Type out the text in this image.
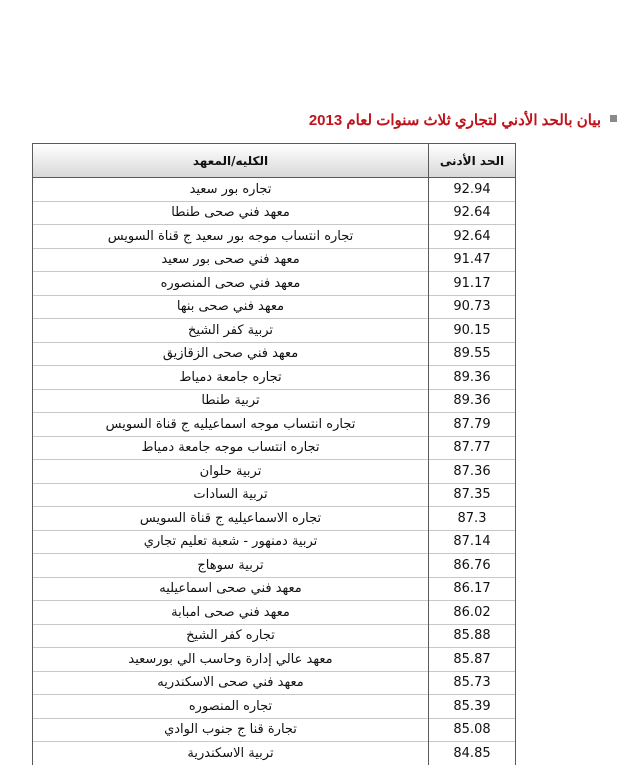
بيان بالحد الأدني لتجاري ثلاث سنوات لعام 2013
الحد الأدنى	الكليه/المعهد
92.94	تجاره بور سعيد
92.64	معهد فني صحى طنطا
92.64	تجاره انتساب موجه بور سعيد ج قناة السويس
91.47	معهد فني صحى بور سعيد
91.17	معهد فني صحى المنصوره
90.73	معهد فني صحى بنها
90.15	تربية كفر الشيخ
89.55	معهد فني صحى الزقازيق
89.36	تجاره جامعة دمياط
89.36	تربية طنطا
87.79	تجاره انتساب موجه اسماعيليه ج قناة السويس
87.77	تجاره انتساب موجه جامعة دمياط
87.36	تربية حلوان
87.35	تربية السادات
87.3	تجاره الاسماعيليه ج قناة السويس
87.14	تربية دمنهور - شعبة تعليم تجاري
86.76	تربية سوهاج
86.17	معهد فني صحى اسماعيليه
86.02	معهد فني صحى امبابة
85.88	تجاره كفر الشيخ
85.87	معهد عالي إدارة وحاسب الي بورسعيد
85.73	معهد فني صحى الاسكندريه
85.39	تجاره المنصوره
85.08	تجارة قنا ج جنوب الوادي
84.85	تربية الاسكندرية
